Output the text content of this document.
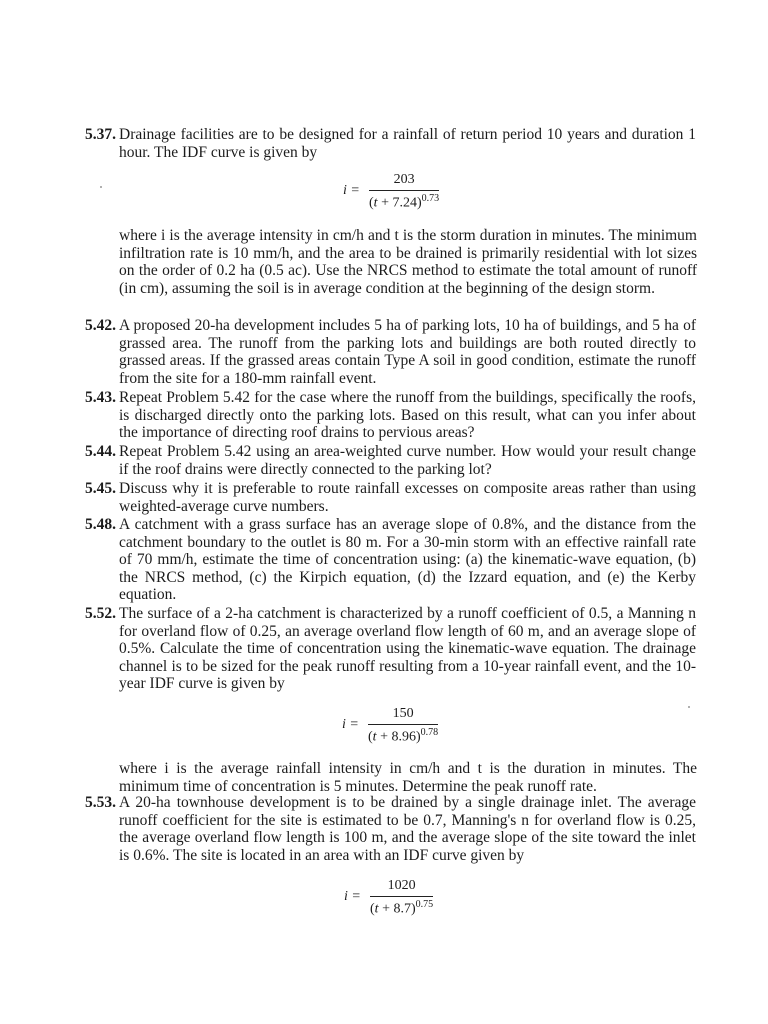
5.37. Drainage facilities are to be designed for a rainfall of return period 10 years and duration 1 hour. The IDF curve is given by
i =
203
$(t + 7.24)^{0.73}$
where i is the average intensity in cm/h and t is the storm duration in minutes. The minimum infiltration rate is 10 mm/h, and the area to be drained is primarily residential with lot sizes on the order of 0.2 ha (0.5 ac). Use the NRCS method to estimate the total amount of runoff (in cm), assuming the soil is in average condition at the beginning of the design storm.
5.42. A proposed 20-ha development includes 5 ha of parking lots, 10 ha of buildings, and 5 ha of grassed area. The runoff from the parking lots and buildings are both routed directly to grassed areas. If the grassed areas contain Type A soil in good condition, estimate the runoff from the site for a 180-mm rainfall event.
5.43. Repeat Problem 5.42 for the case where the runoff from the buildings, specifically the roofs, is discharged directly onto the parking lots. Based on this result, what can you infer about the importance of directing roof drains to pervious areas?
5.44. Repeat Problem 5.42 using an area-weighted curve number. How would your result change if the roof drains were directly connected to the parking lot?
5.45. Discuss why it is preferable to route rainfall excesses on composite areas rather than using weighted-average curve numbers.
5.48. A catchment with a grass surface has an average slope of 0.8%, and the distance from the catchment boundary to the outlet is 80 m. For a 30-min storm with an effective rainfall rate of 70 mm/h, estimate the time of concentration using: (a) the kinematic-wave equation, (b) the NRCS method, (c) the Kirpich equation, (d) the Izzard equation, and (e) the Kerby equation.
5.52. The surface of a 2-ha catchment is characterized by a runoff coefficient of 0.5, a Manning n for overland flow of 0.25, an average overland flow length of 60 m, and an average slope of 0.5%. Calculate the time of concentration using the kinematic-wave equation. The drainage channel is to be sized for the peak runoff resulting from a 10-year rainfall event, and the 10-year IDF curve is given by
i =
150
$(t + 8.96)^{0.78}$
where i is the average rainfall intensity in cm/h and t is the duration in minutes. The minimum time of concentration is 5 minutes. Determine the peak runoff rate.
5.53. A 20-ha townhouse development is to be drained by a single drainage inlet. The average runoff coefficient for the site is estimated to be 0.7, Manning's n for overland flow is 0.25, the average overland flow length is 100 m, and the average slope of the site toward the inlet is 0.6%. The site is located in an area with an IDF curve given by
i =
1020
$(t + 8.7)^{0.75}$
